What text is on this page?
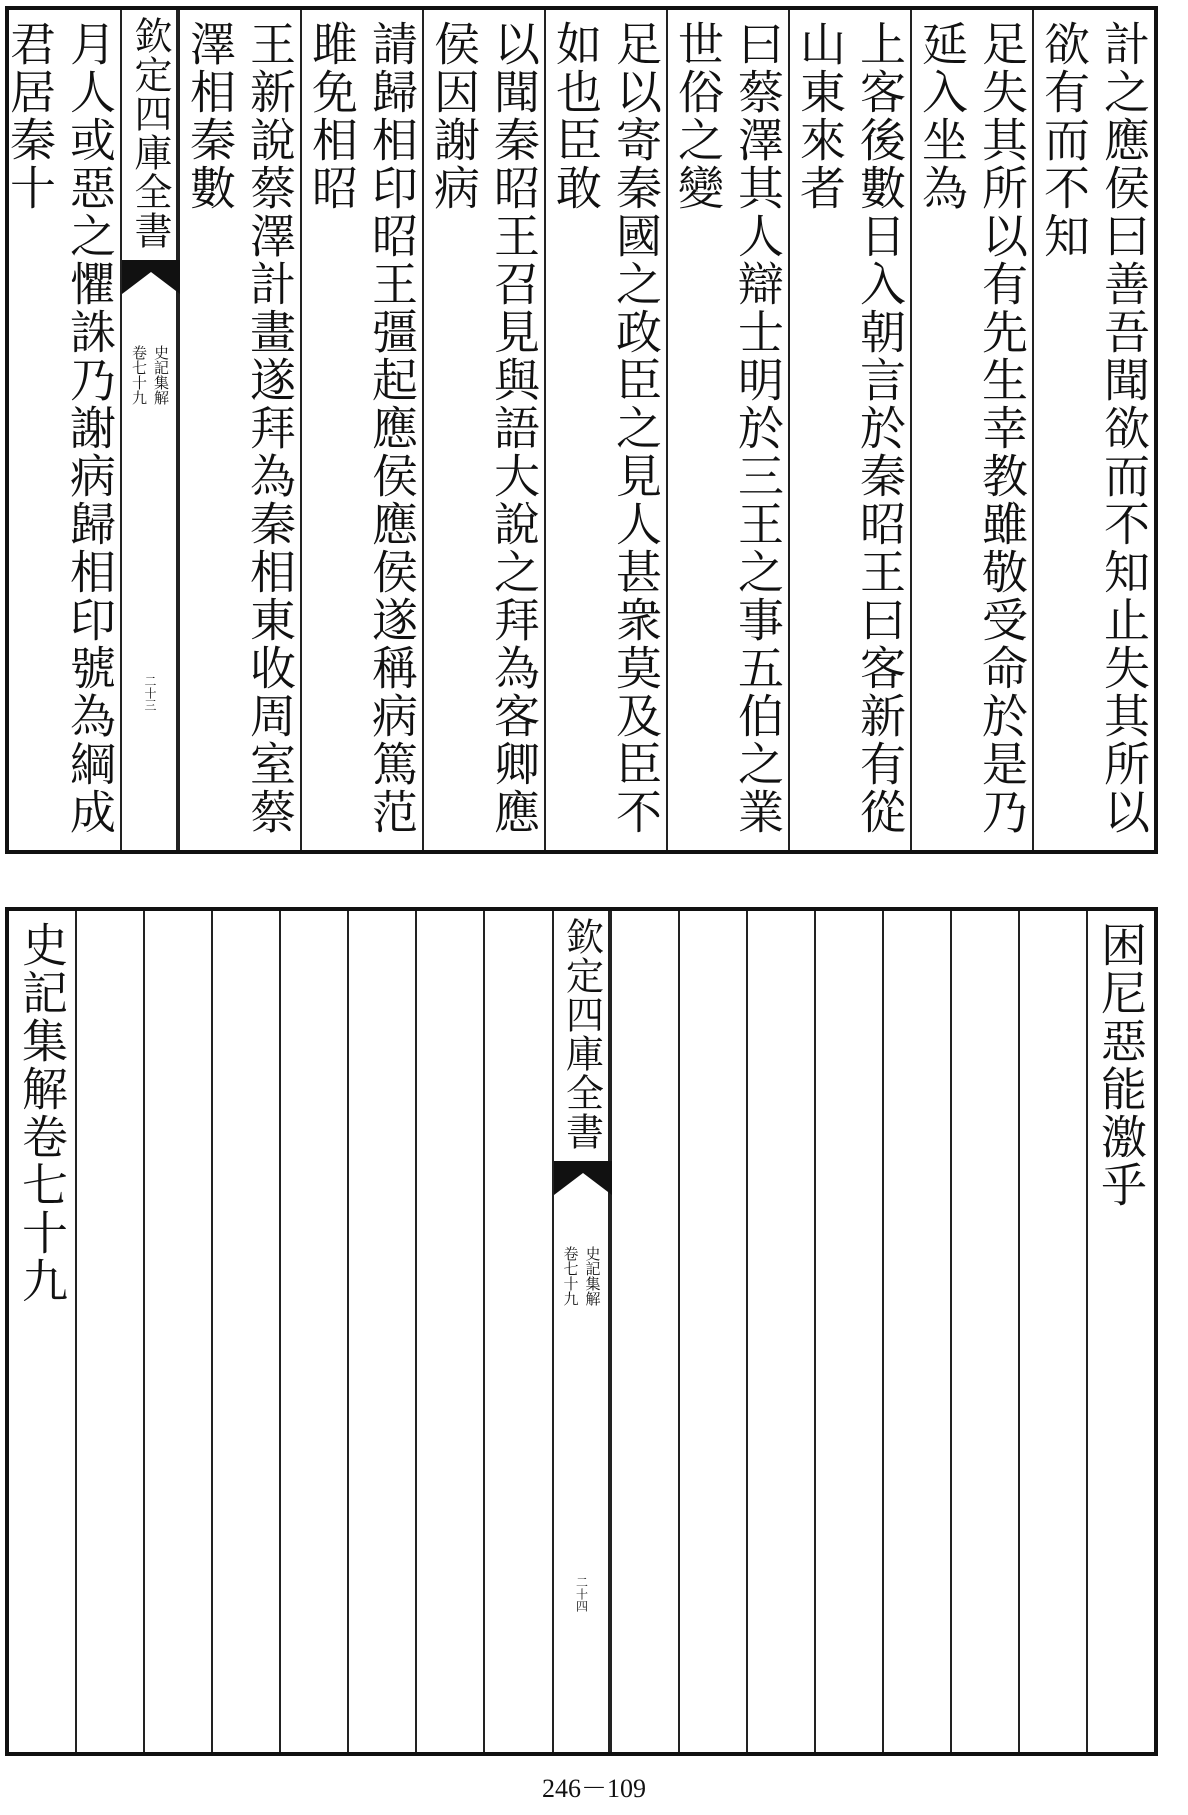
計之應侯曰善吾聞欲而不知止失其所以欲有而不知
足失其所以有先生幸教雖敬受命於是乃延入坐為
上客後數日入朝言於秦昭王曰客新有從山東來者
曰蔡澤其人辯士明於三王之事五伯之業世俗之變
足以寄秦國之政臣之見人甚衆莫及臣不如也臣敢
以聞秦昭王召見與語大說之拜為客卿應侯因謝病
請歸相印昭王彊起應侯應侯遂稱病篤范雎免相昭
王新說蔡澤計畫遂拜為秦相東收周室蔡澤相秦數
欽定四庫全書
史記集解
卷七十九
二十三
月人或惡之懼誅乃謝病歸相印號為綱成君居秦十
困尼惡能激乎
欽定四庫全書
史記集解
卷七十九
二十四
史記集解卷七十九
246－109
